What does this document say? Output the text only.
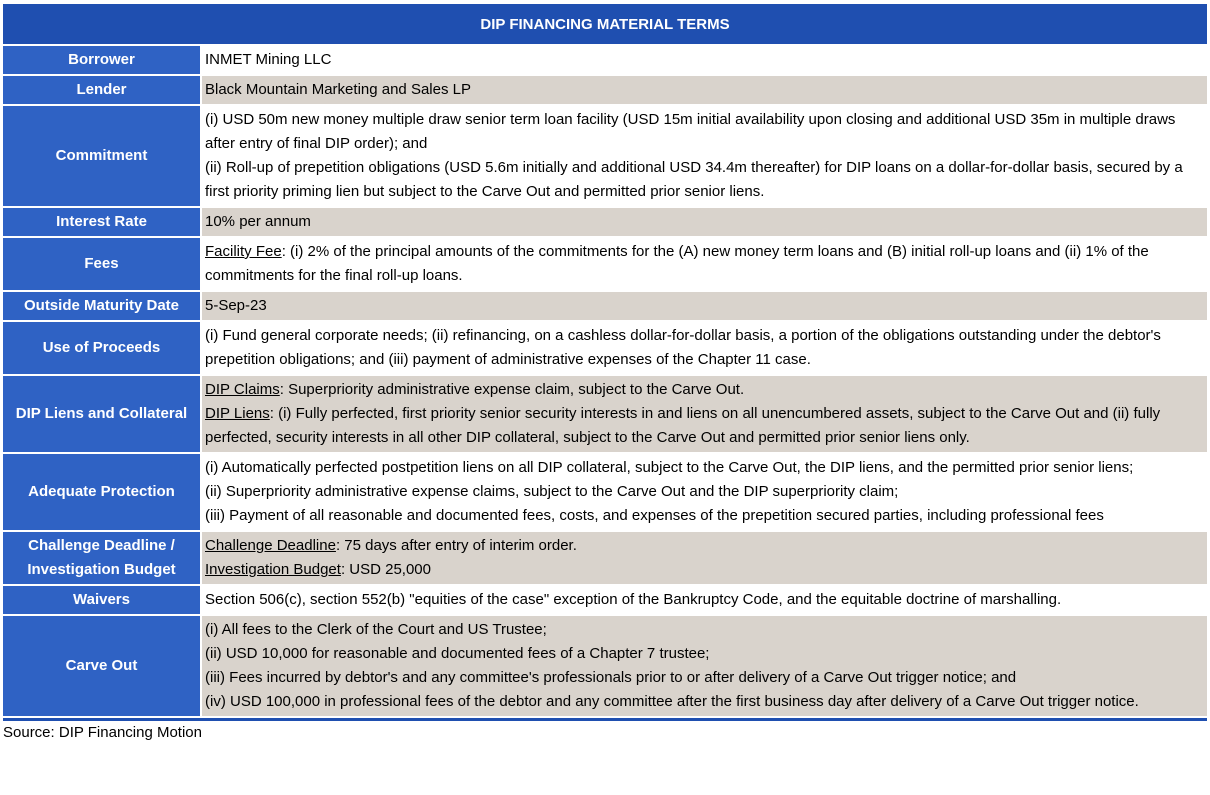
DIP FINANCING MATERIAL TERMS	
Borrower	INMET Mining LLC

Lender	Black Mountain Marketing and Sales LP

Commitment	(i) USD 50m new money multiple draw senior term loan facility (USD 15m initial availability upon closing and additional USD 35m in multiple draws after entry of final DIP order); and
(ii) Roll-up of prepetition obligations (USD 5.6m initially and additional USD 34.4m thereafter) for DIP loans on a dollar-for-dollar basis, secured by a first priority priming lien but subject to the Carve Out and permitted prior senior liens.

Interest Rate	10% per annum

Fees	Facility Fee: (i) 2% of the principal amounts of the commitments for the (A) new money term loans and (B) initial roll-up loans and (ii) 1% of the commitments for the final roll-up loans.

Outside Maturity Date	5-Sep-23

Use of Proceeds	(i) Fund general corporate needs; (ii) refinancing, on a cashless dollar-for-dollar basis, a portion of the obligations outstanding under the debtor's prepetition obligations; and (iii) payment of administrative expenses of the Chapter 11 case.

DIP Liens and Collateral	DIP Claims: Superpriority administrative expense claim, subject to the Carve Out.
DIP Liens: (i) Fully perfected, first priority senior security interests in and liens on all unencumbered assets, subject to the Carve Out and (ii) fully perfected, security interests in all other DIP collateral, subject to the Carve Out and permitted prior senior liens only.

Adequate Protection	(i) Automatically perfected postpetition liens on all DIP collateral, subject to the Carve Out, the DIP liens, and the permitted prior senior liens;
(ii) Superpriority administrative expense claims, subject to the Carve Out and the DIP superpriority claim;
(iii) Payment of all reasonable and documented fees, costs, and expenses of the prepetition secured parties, including professional fees

Challenge Deadline / Investigation Budget	Challenge Deadline: 75 days after entry of interim order.
Investigation Budget: USD 25,000

Waivers	Section 506(c), section 552(b) "equities of the case" exception of the Bankruptcy Code, and the equitable doctrine of marshalling.

Carve Out	(i) All fees to the Clerk of the Court and US Trustee;
(ii) USD 10,000 for reasonable and documented fees of a Chapter 7 trustee;
(iii) Fees incurred by debtor's and any committee's professionals prior to or after delivery of a Carve Out trigger notice; and
(iv) USD 100,000 in professional fees of the debtor and any committee after the first business day after delivery of a Carve Out trigger notice.
Source: DIP Financing Motion
